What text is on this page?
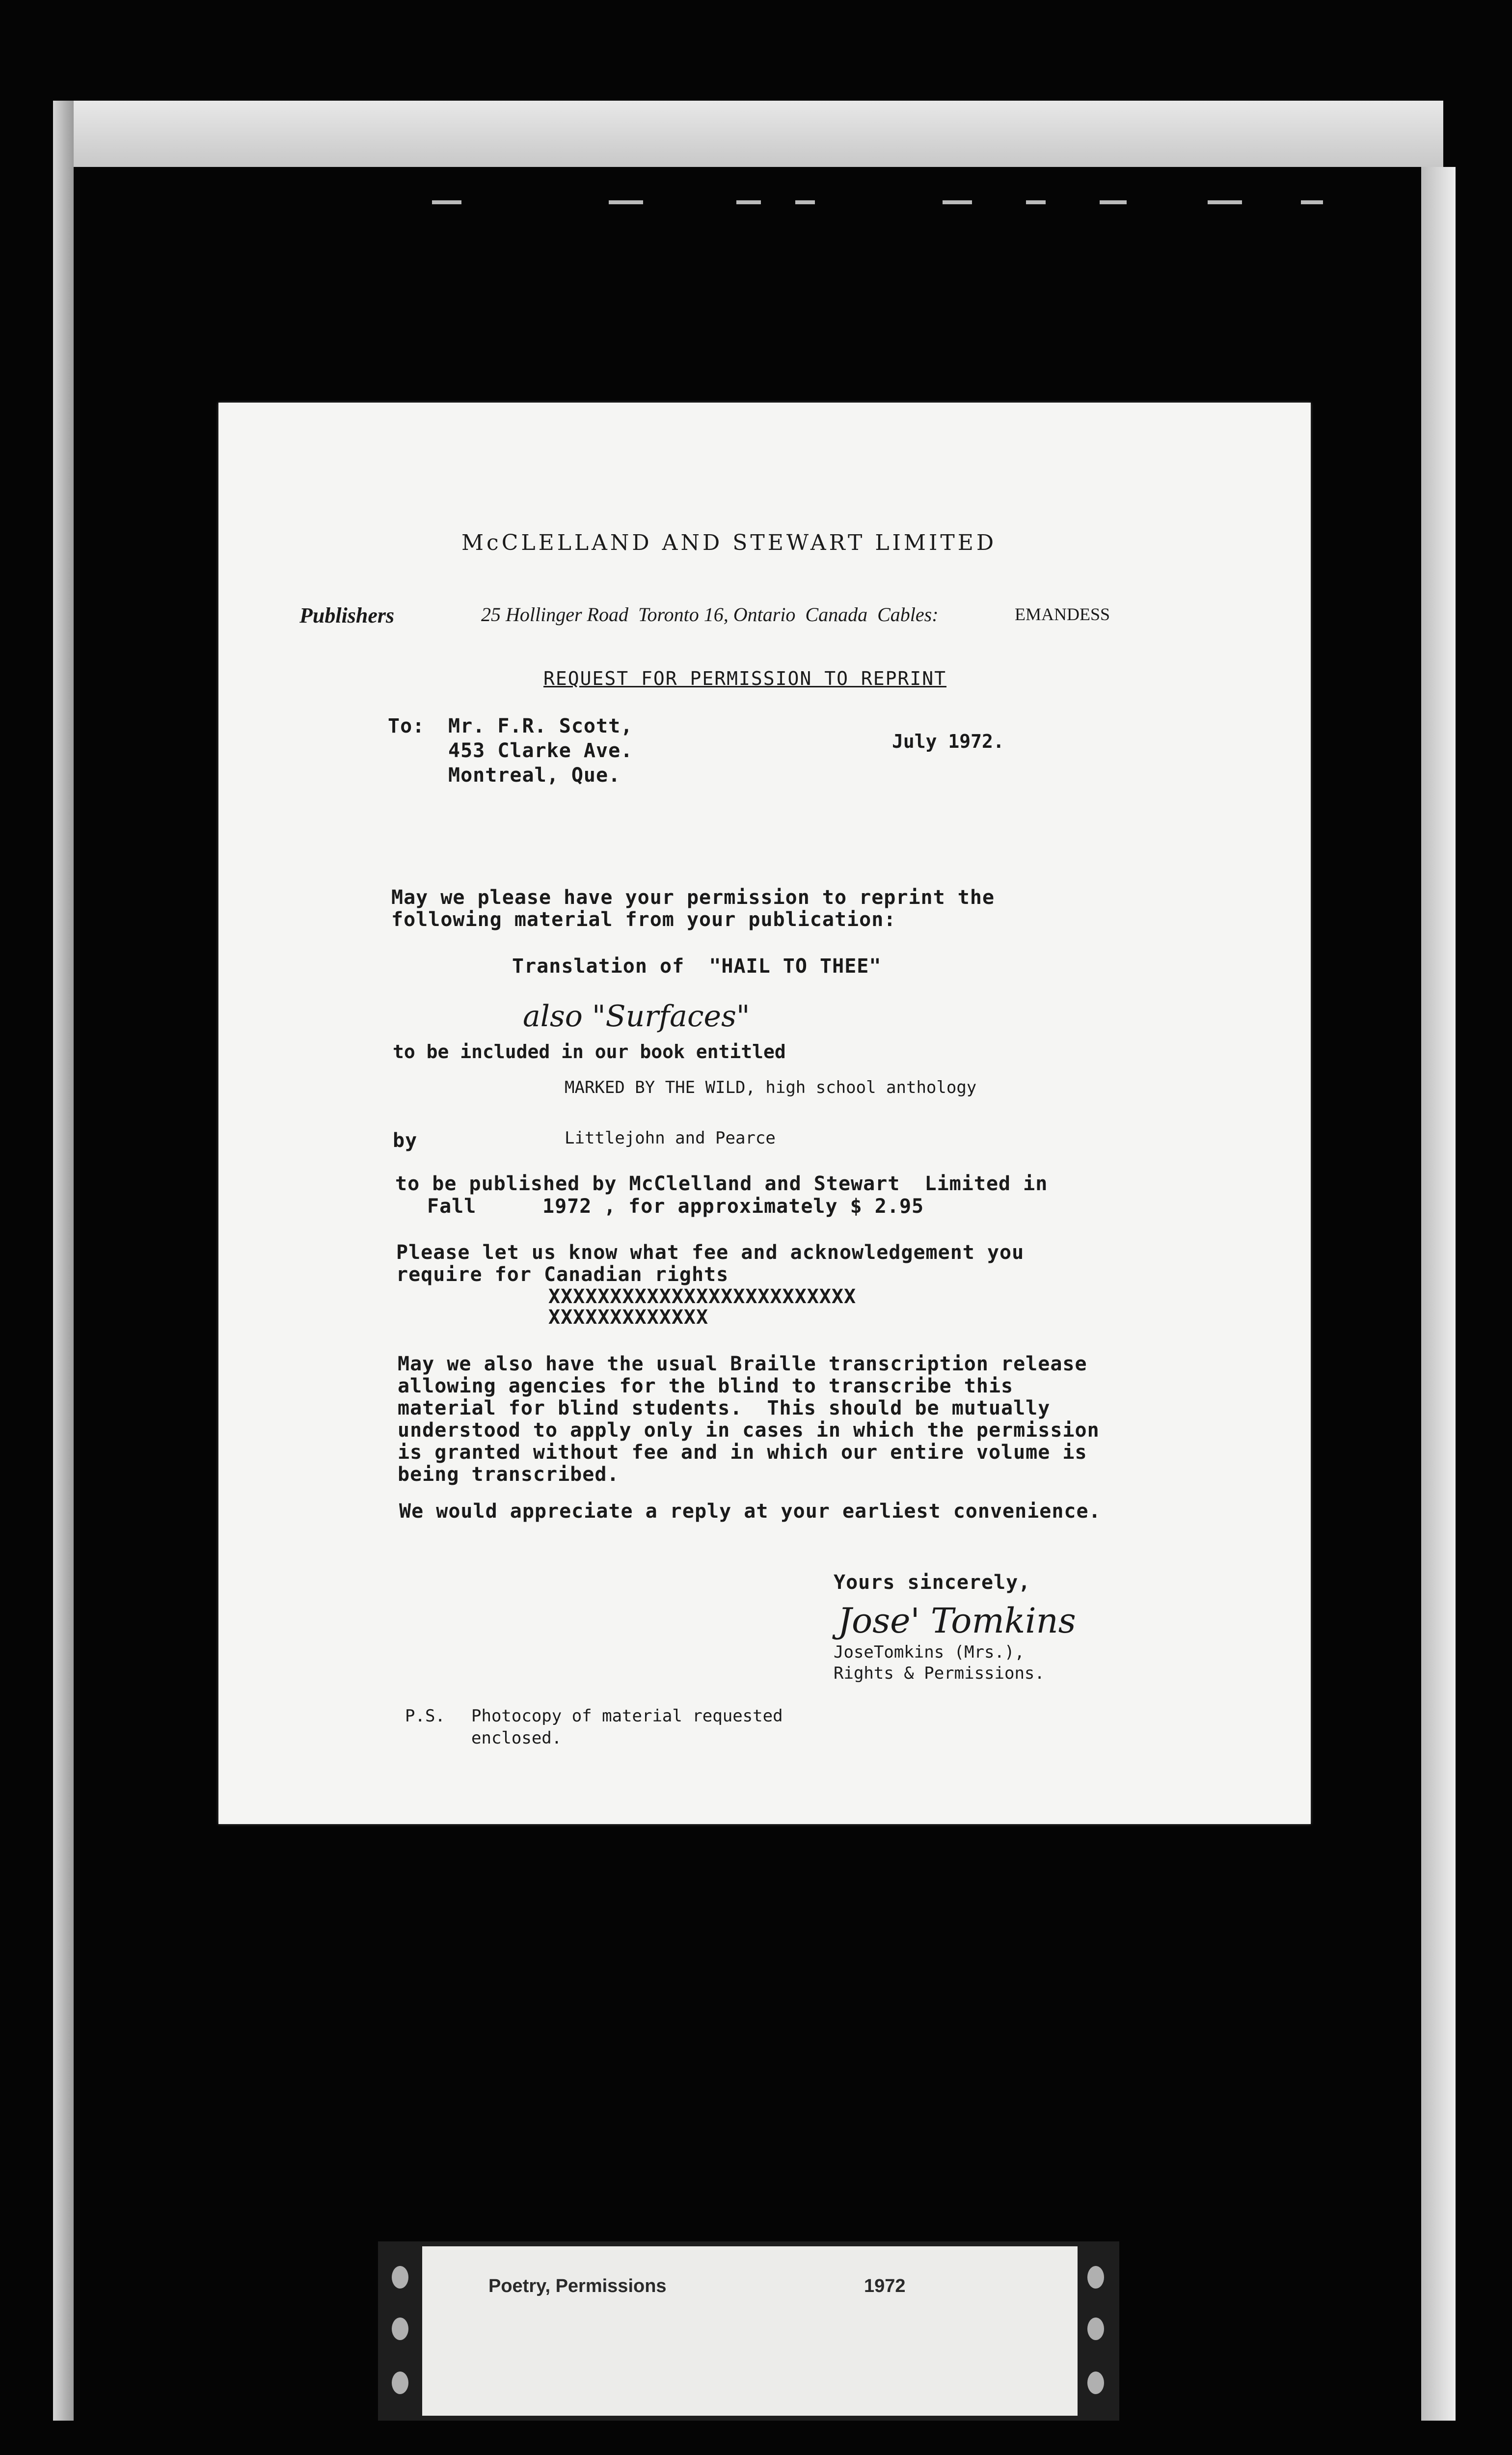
McCLELLAND AND STEWART LIMITED
Publishers	25 Hollinger Road  Toronto 16, Ontario  Canada  Cables:	EMANDESS
REQUEST FOR PERMISSION TO REPRINT
To: Mr. F.R. Scott,
453 Clarke Ave.
Montreal, Que.
July 1972.
May we please have your permission to reprint the
following material from your publication:
Translation of  "HAIL TO THEE"
also "Surfaces"
to be included in our book entitled
MARKED BY THE WILD, high school anthology
by	Littlejohn and Pearce
to be published by McClelland and Stewart  Limited in
Fall	1972 , for approximately $ 2.95
Please let us know what fee and acknowledgement you
require for Canadian rights
XXXXXXXXXXXXXXXXXXXXXXXXX
XXXXXXXXXXXXX
May we also have the usual Braille transcription release
allowing agencies for the blind to transcribe this
material for blind students.  This should be mutually
understood to apply only in cases in which the permission
is granted without fee and in which our entire volume is
being transcribed.
We would appreciate a reply at your earliest convenience.
Yours sincerely,
Jose' Tomkins
JoseTomkins (Mrs.),
Rights & Permissions.
P.S. Photocopy of material requested
enclosed.
Poetry, Permissions	1972
